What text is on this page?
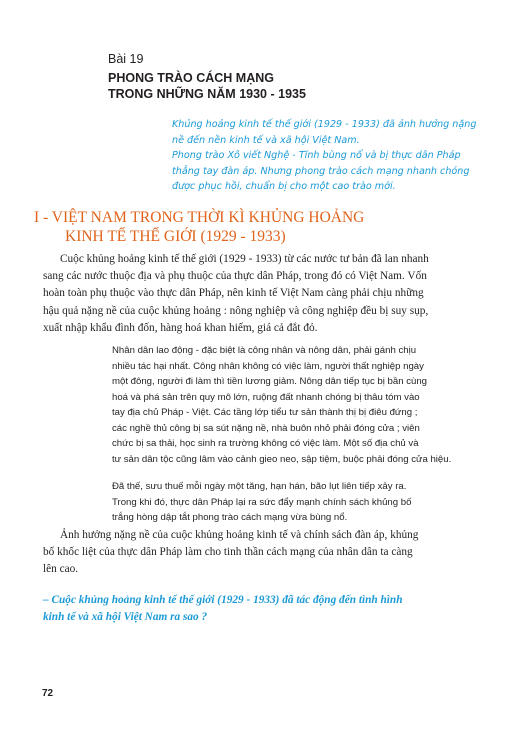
Bài 19
PHONG TRÀO CÁCH MẠNG
TRONG NHỮNG NĂM 1930 - 1935
Khủng hoảng kinh tế thế giới (1929 - 1933) đã ảnh hưởng nặng
nề đến nền kinh tế và xã hội Việt Nam.
Phong trào Xô viết Nghệ - Tĩnh bùng nổ và bị thực dân Pháp
thẳng tay đàn áp. Nhưng phong trào cách mạng nhanh chóng
được phục hồi, chuẩn bị cho một cao trào mới.
I - VIỆT NAM TRONG THỜI KÌ KHỦNG HOẢNG
KINH TẾ THẾ GIỚI (1929 - 1933)
Cuộc khủng hoảng kinh tế thế giới (1929 - 1933) từ các nước tư bản đã lan nhanh
sang các nước thuộc địa và phụ thuộc của thực dân Pháp, trong đó có Việt Nam. Vốn
hoàn toàn phụ thuộc vào thực dân Pháp, nên kinh tế Việt Nam càng phải chịu những
hậu quả nặng nề của cuộc khủng hoảng : nông nghiệp và công nghiệp đều bị suy sụp,
xuất nhập khẩu đình đốn, hàng hoá khan hiếm, giá cả đắt đỏ.
Nhân dân lao động - đặc biệt là công nhân và nông dân, phải gánh chịu
nhiều tác hại nhất. Công nhân không có việc làm, người thất nghiệp ngày
một đông, người đi làm thì tiền lương giảm. Nông dân tiếp tục bị bần cùng
hoá và phá sản trên quy mô lớn, ruộng đất nhanh chóng bị thâu tóm vào
tay địa chủ Pháp - Việt. Các tầng lớp tiểu tư sản thành thị bị điêu đứng ;
các nghề thủ công bị sa sút nặng nề, nhà buôn nhỏ phải đóng cửa ; viên
chức bị sa thải, học sinh ra trường không có việc làm. Một số địa chủ và
tư sản dân tộc cũng lâm vào cảnh gieo neo, sập tiệm, buộc phải đóng cửa hiệu.
Đã thế, sưu thuế mỗi ngày một tăng, hạn hán, bão lụt liên tiếp xảy ra.
Trong khi đó, thực dân Pháp lại ra sức đẩy mạnh chính sách khủng bố
trắng hòng dập tắt phong trào cách mạng vừa bùng nổ.
Ảnh hưởng nặng nề của cuộc khủng hoảng kinh tế và chính sách đàn áp, khủng
bố khốc liệt của thực dân Pháp làm cho tinh thần cách mạng của nhân dân ta càng
lên cao.
– Cuộc khủng hoảng kinh tế thế giới (1929 - 1933) đã tác động đến tình hình
kinh tế và xã hội Việt Nam ra sao ?
72
